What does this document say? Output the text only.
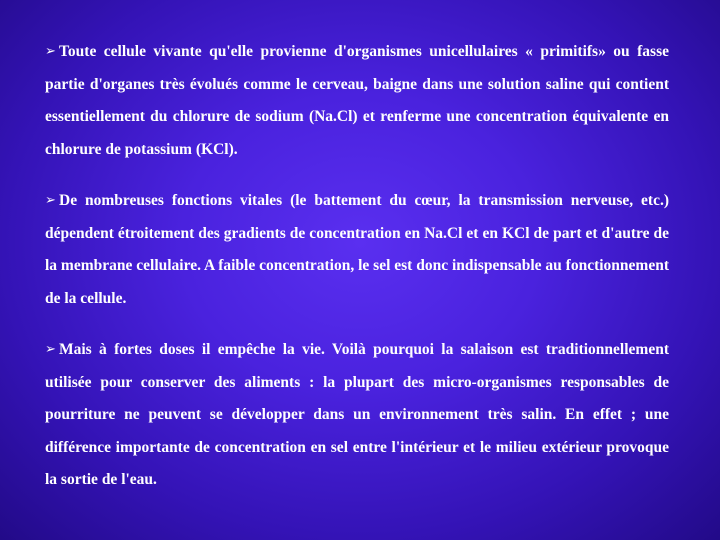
➢ Toute cellule vivante qu'elle provienne d'organismes unicellulaires « primitifs» ou fasse partie d'organes très évolués comme le cerveau, baigne dans une solution saline qui contient essentiellement du chlorure de sodium (Na.Cl) et renferme une concentration équivalente en chlorure de potassium (KCl).

➢ De nombreuses fonctions vitales (le battement du cœur, la transmission nerveuse, etc.) dépendent étroitement des gradients de concentration en Na.Cl et en KCl de part et d'autre de la membrane cellulaire. A faible concentration, le sel est donc indispensable au fonctionnement de la cellule.

➢ Mais à fortes doses il empêche la vie. Voilà pourquoi la salaison est traditionnellement utilisée pour conserver des aliments : la plupart des micro-organismes responsables de pourriture ne peuvent se développer dans un environnement très salin. En effet ; une différence importante de concentration en sel entre l'intérieur et le milieu extérieur provoque la sortie de l'eau.
